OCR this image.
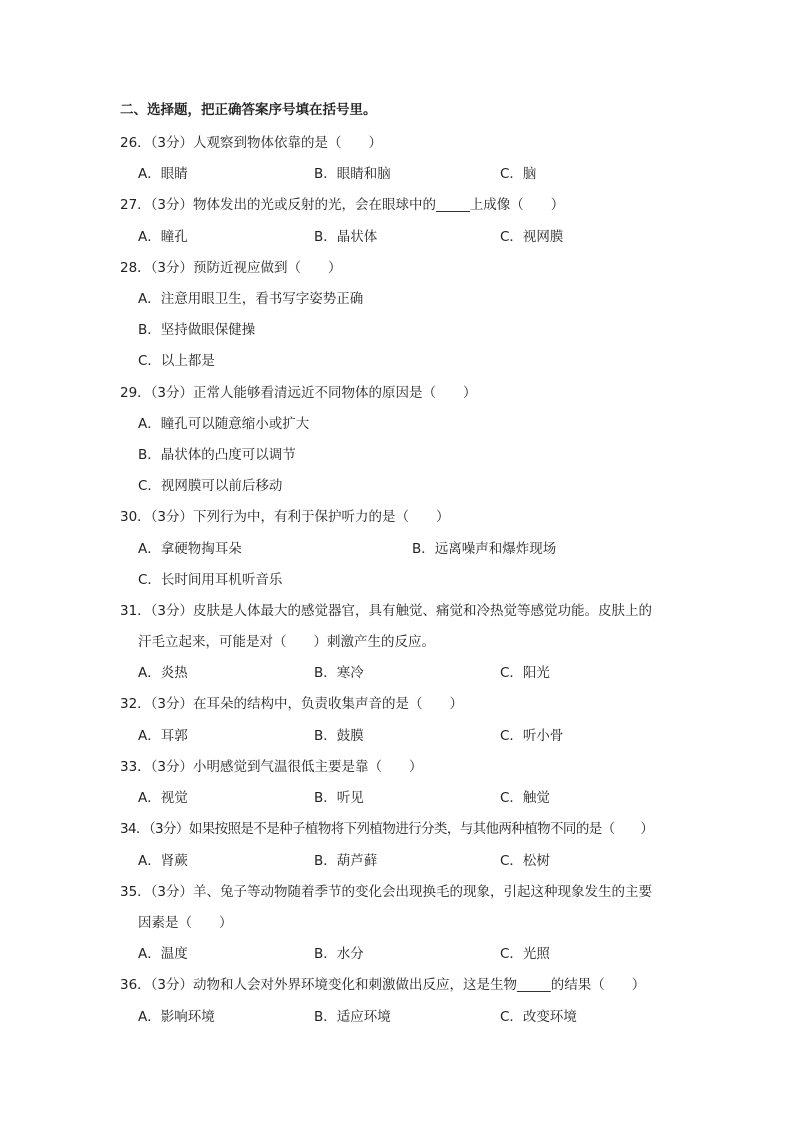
二、选择题，把正确答案序号填在括号里。
26．（3分）人观察到物体依靠的是（　　）
A．眼睛	B．眼睛和脑	C．脑
27．（3分）物体发出的光或反射的光，会在眼球中的_____上成像（　　）
A．瞳孔	B．晶状体	C．视网膜
28．（3分）预防近视应做到（　　）
A．注意用眼卫生，看书写字姿势正确
B．坚持做眼保健操
C．以上都是
29．（3分）正常人能够看清远近不同物体的原因是（　　）
A．瞳孔可以随意缩小或扩大
B．晶状体的凸度可以调节
C．视网膜可以前后移动
30．（3分）下列行为中，有利于保护听力的是（　　）
A．拿硬物掏耳朵	B．远离噪声和爆炸现场
C．长时间用耳机听音乐
31．（3分）皮肤是人体最大的感觉器官，具有触觉、痛觉和冷热觉等感觉功能。皮肤上的
汗毛立起来，可能是对（　　）刺激产生的反应。
A．炎热	B．寒冷	C．阳光
32．（3分）在耳朵的结构中，负责收集声音的是（　　）
A．耳郭	B．鼓膜	C．听小骨
33．（3分）小明感觉到气温很低主要是靠（　　）
A．视觉	B．听见	C．触觉
34．（3分）如果按照是不是种子植物将下列植物进行分类，与其他两种植物不同的是（　　）
A．肾蕨	B．葫芦藓	C．松树
35．（3分）羊、兔子等动物随着季节的变化会出现换毛的现象，引起这种现象发生的主要
因素是（　　）
A．温度	B．水分	C．光照
36．（3分）动物和人会对外界环境变化和刺激做出反应，这是生物_____的结果（　　）
A．影响环境	B．适应环境	C．改变环境
